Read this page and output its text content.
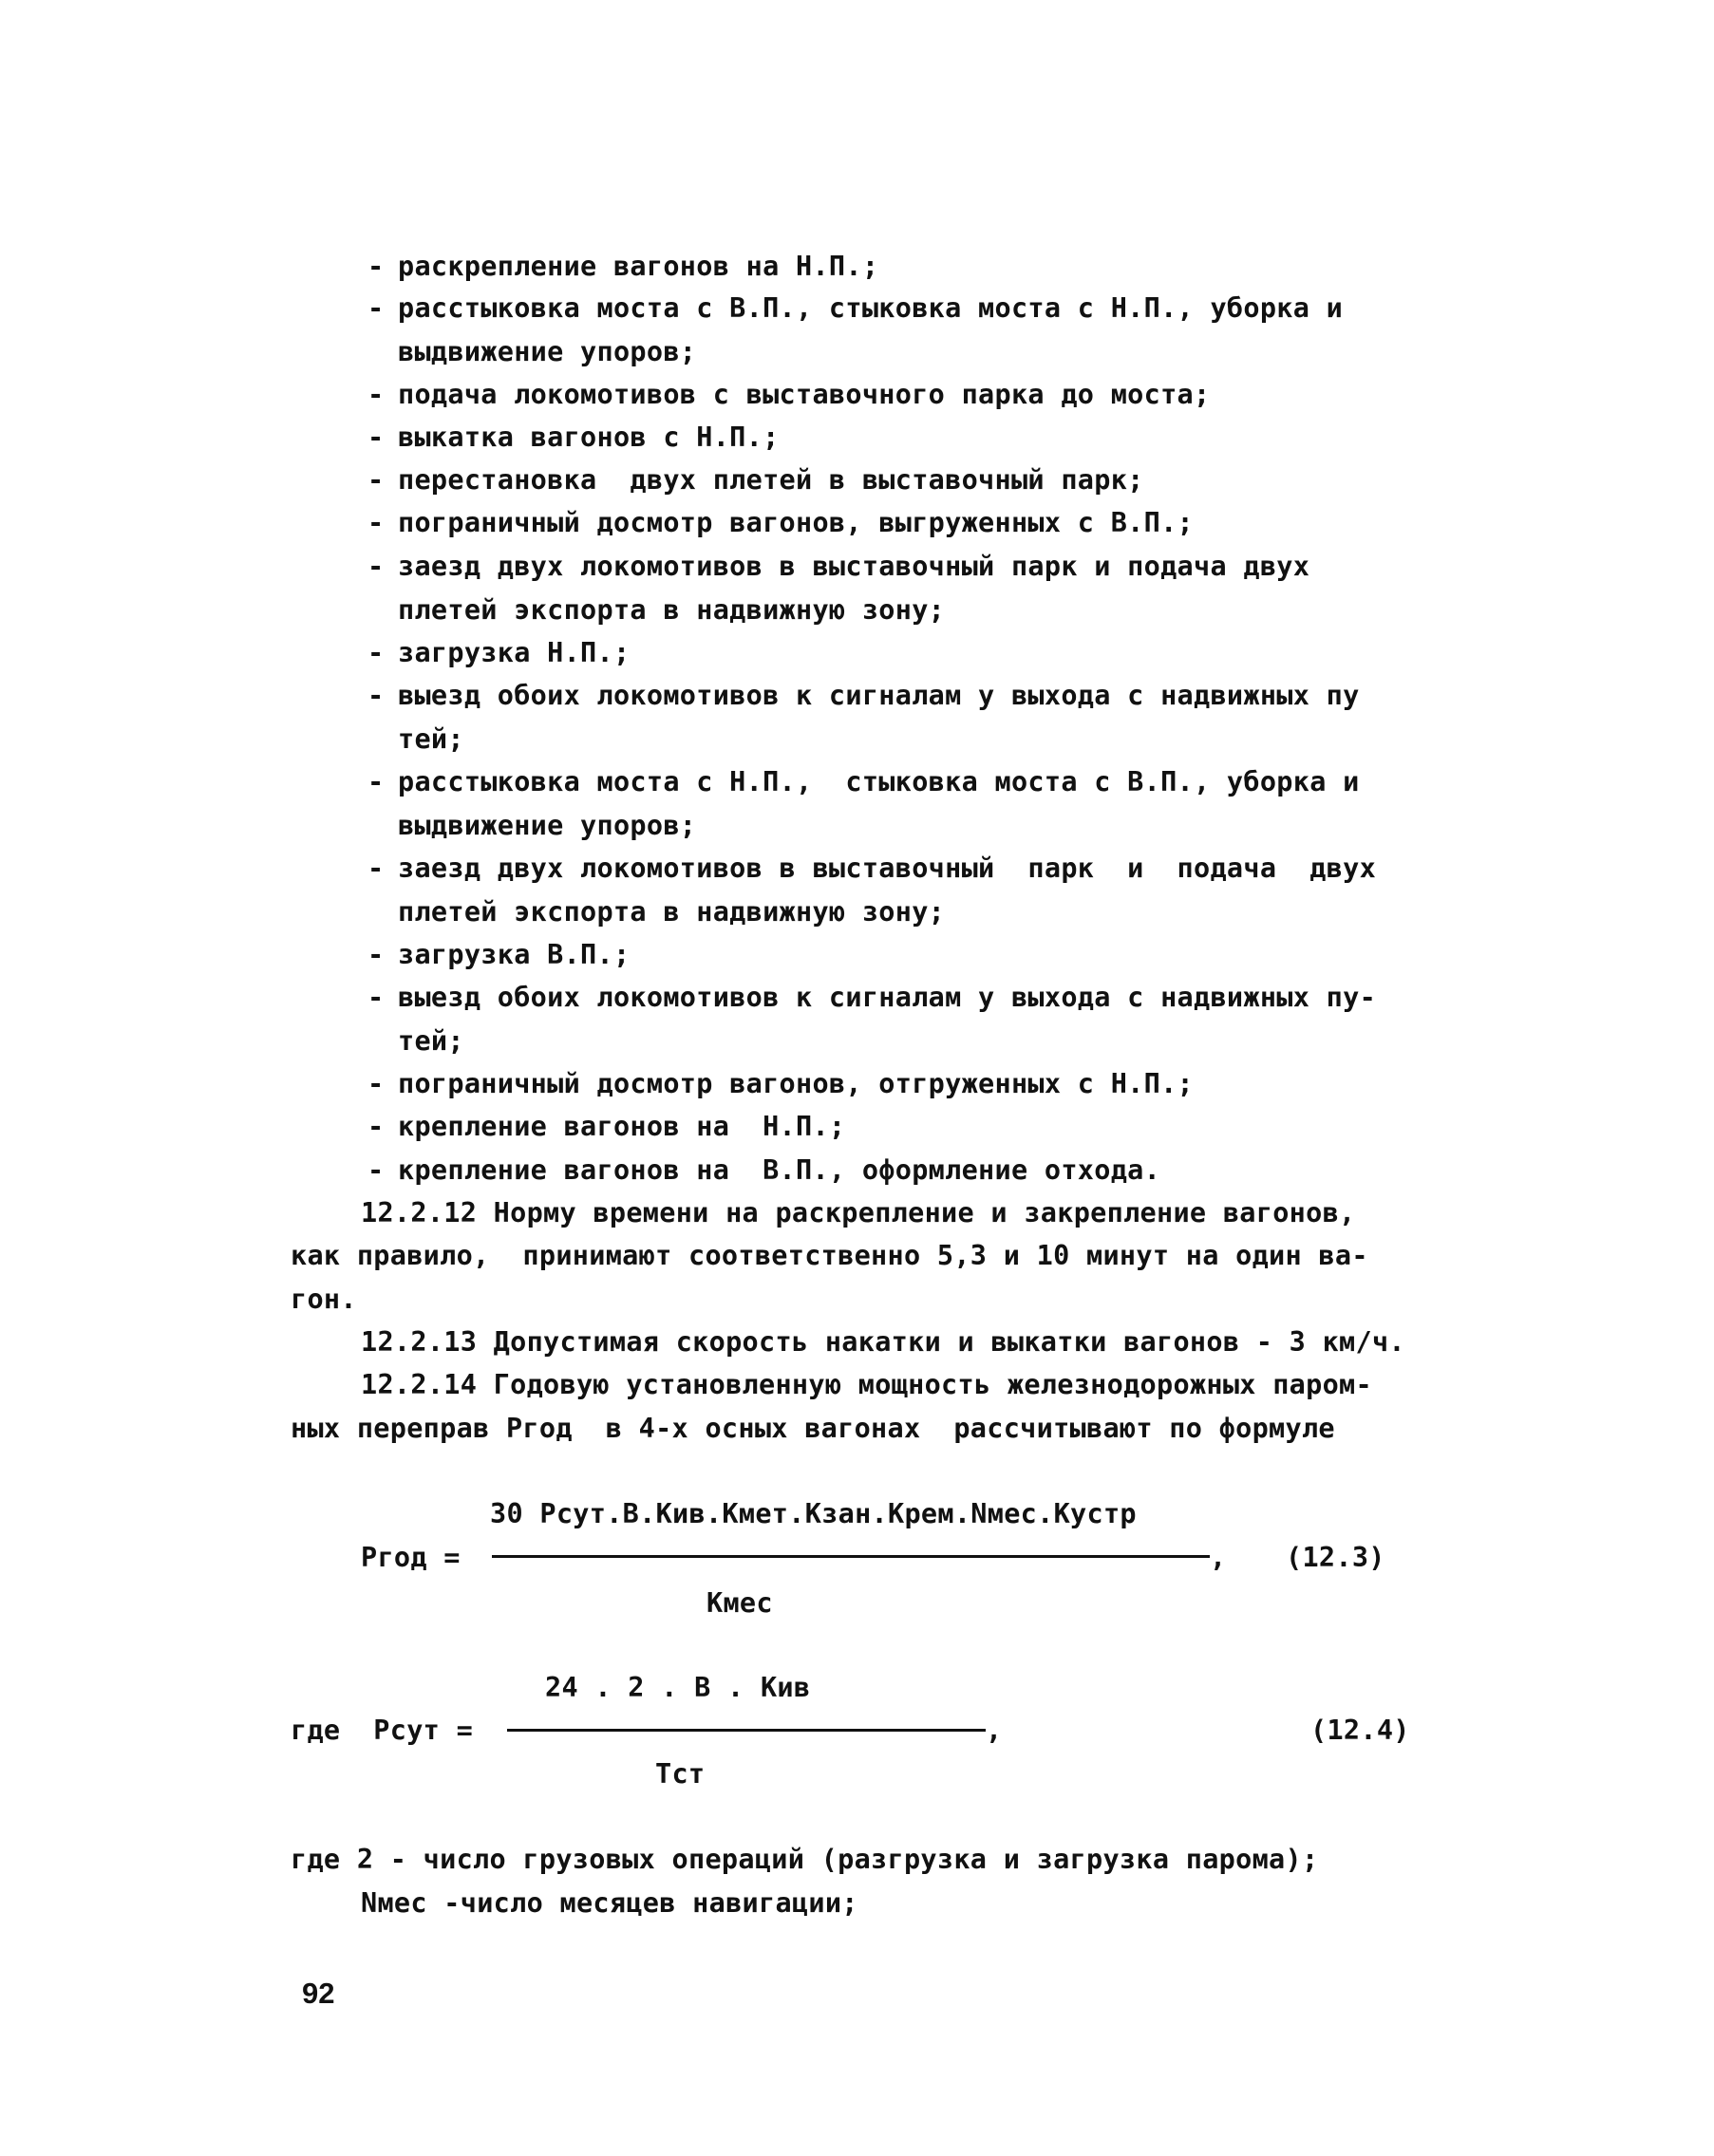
- раскрепление вагонов на Н.П.;
- расстыковка моста с В.П., стыковка моста с Н.П., уборка и
выдвижение упоров;
- подача локомотивов с выставочного парка до моста;
- выкатка вагонов с Н.П.;
- перестановка  двух плетей в выставочный парк;
- пограничный досмотр вагонов, выгруженных с В.П.;
- заезд двух локомотивов в выставочный парк и подача двух
плетей экспорта в надвижную зону;
- загрузка Н.П.;
- выезд обоих локомотивов к сигналам у выхода с надвижных пу
тей;
- расстыковка моста с Н.П.,  стыковка моста с В.П., уборка и
выдвижение упоров;
- заезд двух локомотивов в выставочный  парк  и  подача  двух
плетей экспорта в надвижную зону;
- загрузка В.П.;
- выезд обоих локомотивов к сигналам у выхода с надвижных пу-
тей;
- пограничный досмотр вагонов, отгруженных с Н.П.;
- крепление вагонов на  Н.П.;
- крепление вагонов на  В.П., оформление отхода.
12.2.12 Норму времени на раскрепление и закрепление вагонов,
как правило,  принимают соответственно 5,3 и 10 минут на один ва-
гон.
12.2.13 Допустимая скорость накатки и выкатки вагонов - 3 км/ч.
12.2.14 Годовую установленную мощность железнодорожных паром-
ных переправ Ргод  в 4-х осных вагонах  рассчитывают по формуле
30 Рсут.В.Кив.Кмет.Кзан.Крем.Nмес.Кустр
Ргод =	, (12.3)
Кмес
24 . 2 . В . Кив
где  Рсут =	,	(12.4)
Тст
где 2 - число грузовых операций (разгрузка и загрузка парома);
Nмес -число месяцев навигации;
92
